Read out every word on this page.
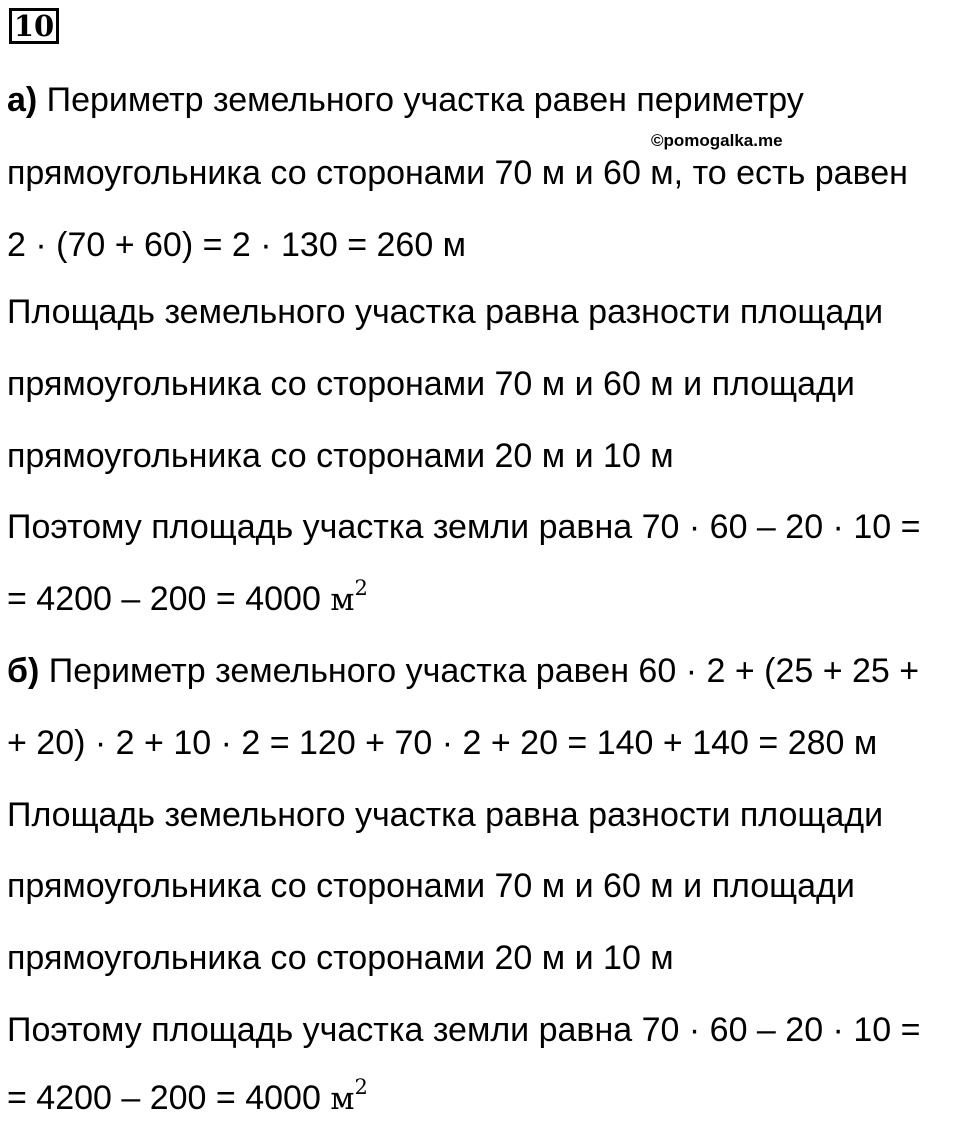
10
©pomogalka.me
а) Периметр земельного участка равен периметру
прямоугольника со сторонами 70 м и 60 м, то есть равен
2 · (70 + 60) = 2 · 130 = 260 м
Площадь земельного участка равна разности площади
прямоугольника со сторонами 70 м и 60 м и площади
прямоугольника со сторонами 20 м и 10 м
Поэтому площадь участка земли равна 70 · 60 – 20 · 10 =
= 4200 – 200 = 4000 $м^2$
б) Периметр земельного участка равен 60 · 2 + (25 + 25 +
+ 20) · 2 + 10 · 2 = 120 + 70 · 2 + 20 = 140 + 140 = 280 м
Площадь земельного участка равна разности площади
прямоугольника со сторонами 70 м и 60 м и площади
прямоугольника со сторонами 20 м и 10 м
Поэтому площадь участка земли равна 70 · 60 – 20 · 10 =
= 4200 – 200 = 4000 $м^2$
